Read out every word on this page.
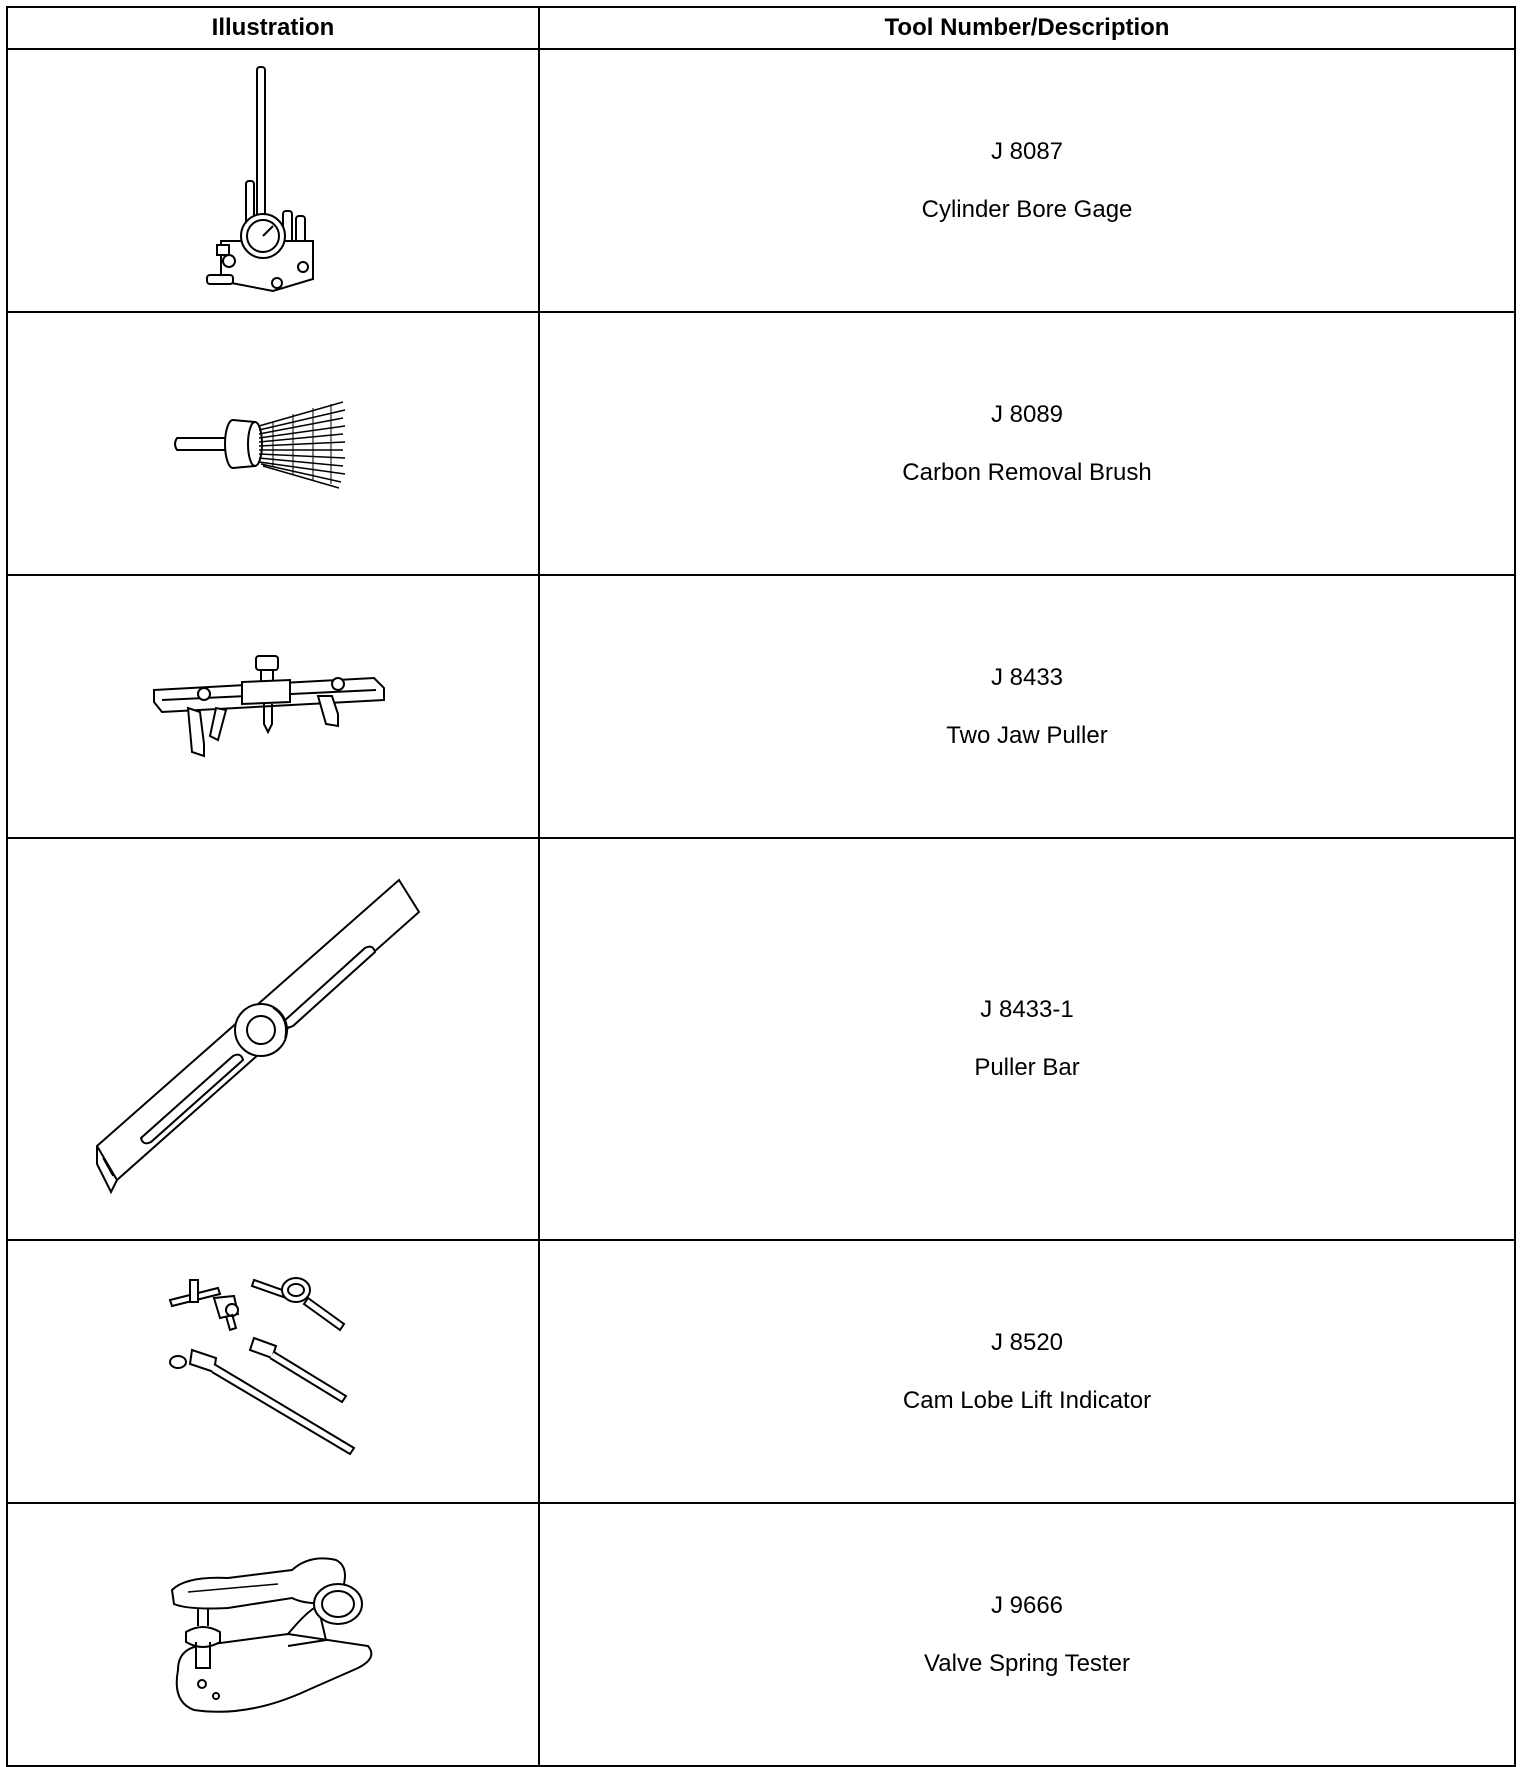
Illustration	Tool Number/Description

J 8087
Cylinder Bore Gage

J 8089
Carbon Removal Brush

J 8433
Two Jaw Puller

J 8433-1
Puller Bar

J 8520
Cam Lobe Lift Indicator

J 9666
Valve Spring Tester
